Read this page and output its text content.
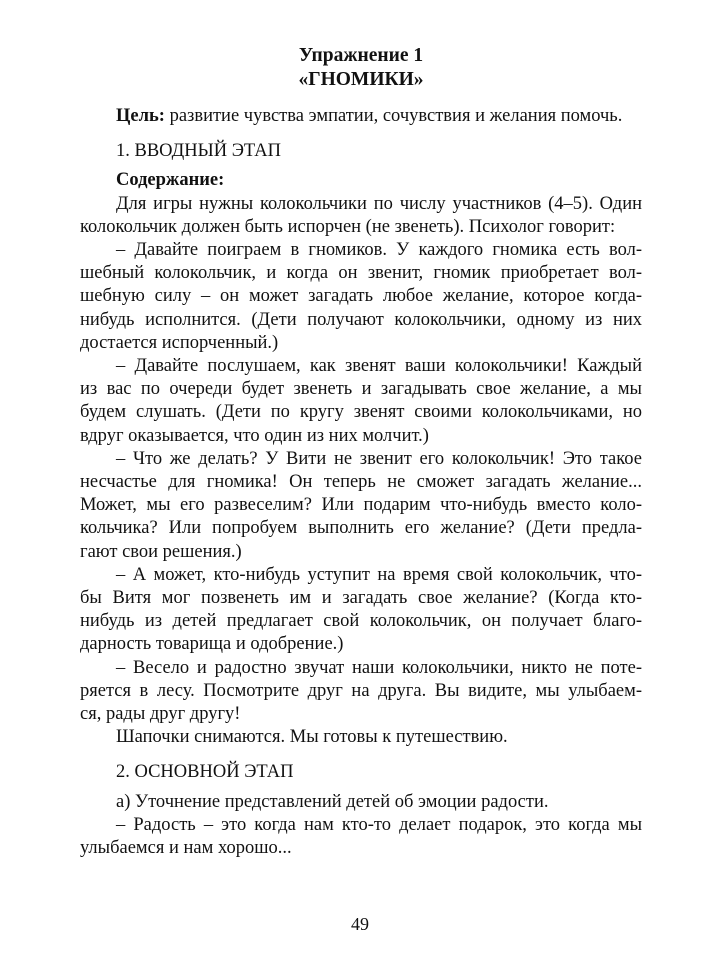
Упражнение 1
«ГНОМИКИ»
Цель: развитие чувства эмпатии, сочувствия и желания помочь.
1. ВВОДНЫЙ ЭТАП
Содержание:

Для игры нужны колокольчики по числу участников (4–5). Один
колокольчик должен быть испорчен (не звенеть). Психолог говорит:

– Давайте поиграем в гномиков. У каждого гномика есть вол-
шебный колокольчик, и когда он звенит, гномик приобретает вол-
шебную силу – он может загадать любое желание, которое когда-
нибудь исполнится. (Дети получают колокольчики, одному из них
достается испорченный.)

– Давайте послушаем, как звенят ваши колокольчики! Каждый
из вас по очереди будет звенеть и загадывать свое желание, а мы
будем слушать. (Дети по кругу звенят своими колокольчиками, но
вдруг оказывается, что один из них молчит.)

– Что же делать? У Вити не звенит его колокольчик! Это такое
несчастье для гномика! Он теперь не сможет загадать желание...
Может, мы его развеселим? Или подарим что-нибудь вместо коло-
кольчика? Или попробуем выполнить его желание? (Дети предла-
гают свои решения.)

– А может, кто-нибудь уступит на время свой колокольчик, что-
бы Витя мог позвенеть им и загадать свое желание? (Когда кто-
нибудь из детей предлагает свой колокольчик, он получает благо-
дарность товарища и одобрение.)

– Весело и радостно звучат наши колокольчики, никто не поте-
ряется в лесу. Посмотрите друг на друга. Вы видите, мы улыбаем-
ся, рады друг другу!

Шапочки снимаются. Мы готовы к путешествию.

2. ОСНОВНОЙ ЭТАП

а) Уточнение представлений детей об эмоции радости.

– Радость – это когда нам кто-то делает подарок, это когда мы
улыбаемся и нам хорошо...

49
